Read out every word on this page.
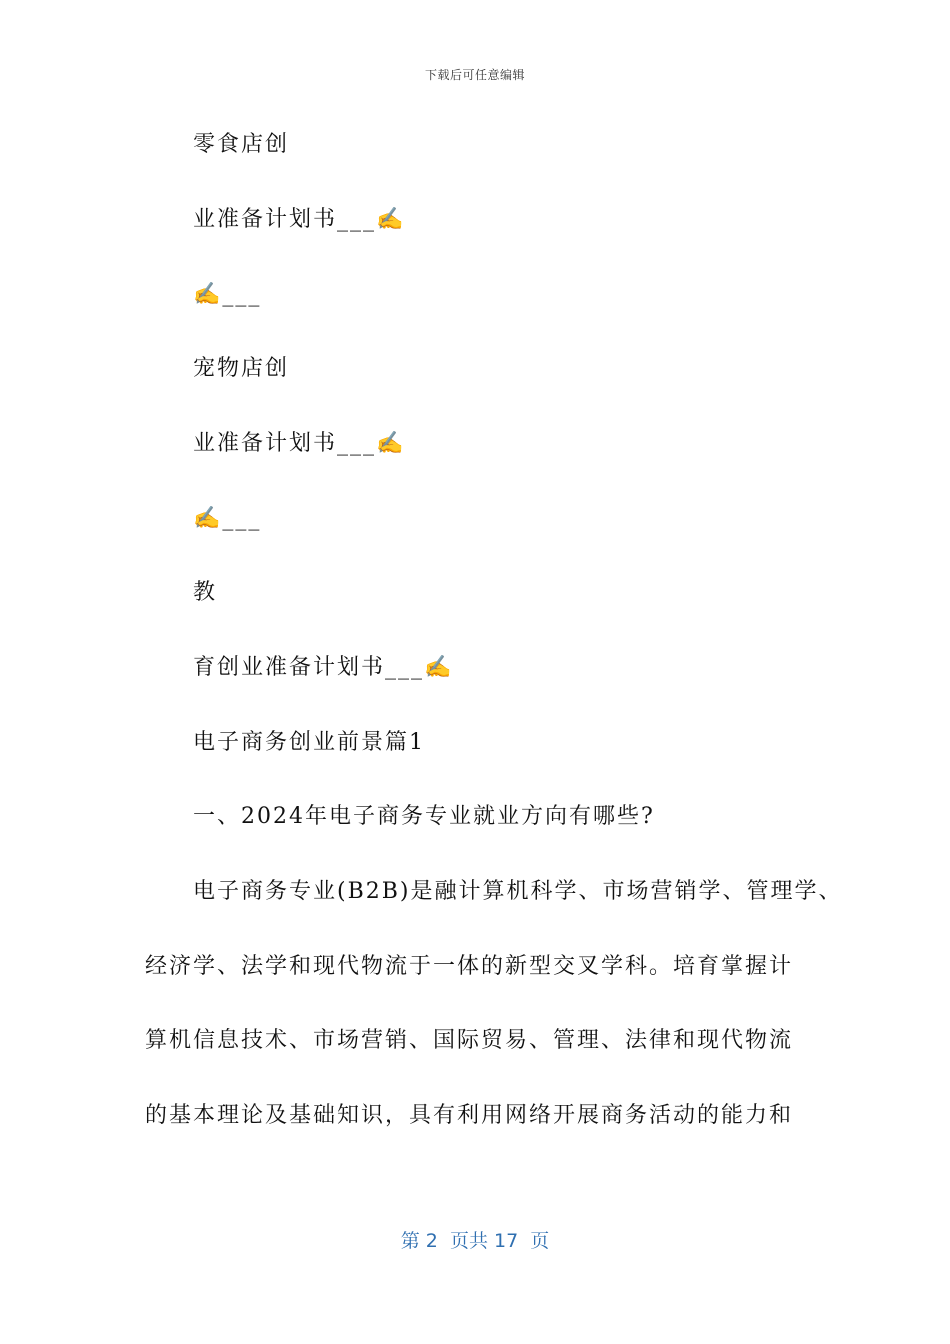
下载后可任意编辑
零食店创
业准备计划书___✍
✍___
宠物店创
业准备计划书___✍
✍___
教
育创业准备计划书___✍
电子商务创业前景篇1
一、2024年电子商务专业就业方向有哪些?
电子商务专业(B2B)是融计算机科学、市场营销学、管理学、
经济学、法学和现代物流于一体的新型交叉学科。培育掌握计
算机信息技术、市场营销、国际贸易、管理、法律和现代物流
的基本理论及基础知识，具有利用网络开展商务活动的能力和
第 2  页共 17  页
